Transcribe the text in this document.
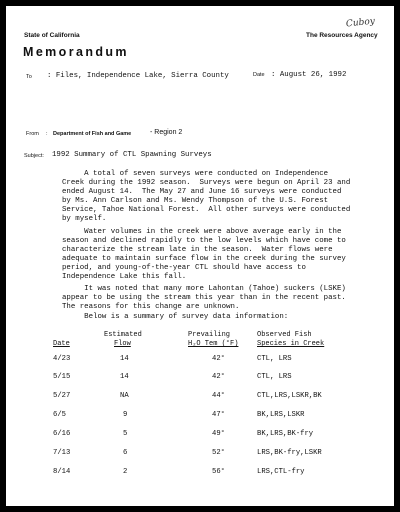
State of California	The Resources Agency
Cuboy
Memorandum
To : Files, Independence Lake, Sierra County	Date : August 26, 1992
From : Department of Fish and Game	- Region 2
Subject: 1992 Summary of CTL Spawning Surveys
A total of seven surveys were conducted on Independence
Creek during the 1992 season.  Surveys were begun on April 23 and
ended August 14.  The May 27 and June 16 surveys were conducted
by Ms. Ann Carlson and Ms. Wendy Thompson of the U.S. Forest
Service, Tahoe National Forest.  All other surveys were conducted
by myself.
Water volumes in the creek were above average early in the
season and declined rapidly to the low levels which have come to
characterize the stream late in the season.  Water flows were
adequate to maintain surface flow in the creek during the survey
period, and young-of-the-year CTL should have access to
Independence Lake this fall.
It was noted that many more Lahontan (Tahoe) suckers (LSKE)
appear to be using the stream this year than in the recent past.
The reasons for this change are unknown.
Below is a summary of survey data information:
Estimated	Prevailing	Observed Fish
Date	Flow	H₂O Tem (°F)	Species in Creek
4/23	14	42°	CTL, LRS
5/15	14	42°	CTL, LRS
5/27	NA	44°	CTL,LRS,LSKR,BK
6/5	9	47°	BK,LRS,LSKR
6/16	5	49°	BK,LRS,BK-fry
7/13	6	52°	LRS,BK-fry,LSKR
8/14	2	56°	LRS,CTL-fry
